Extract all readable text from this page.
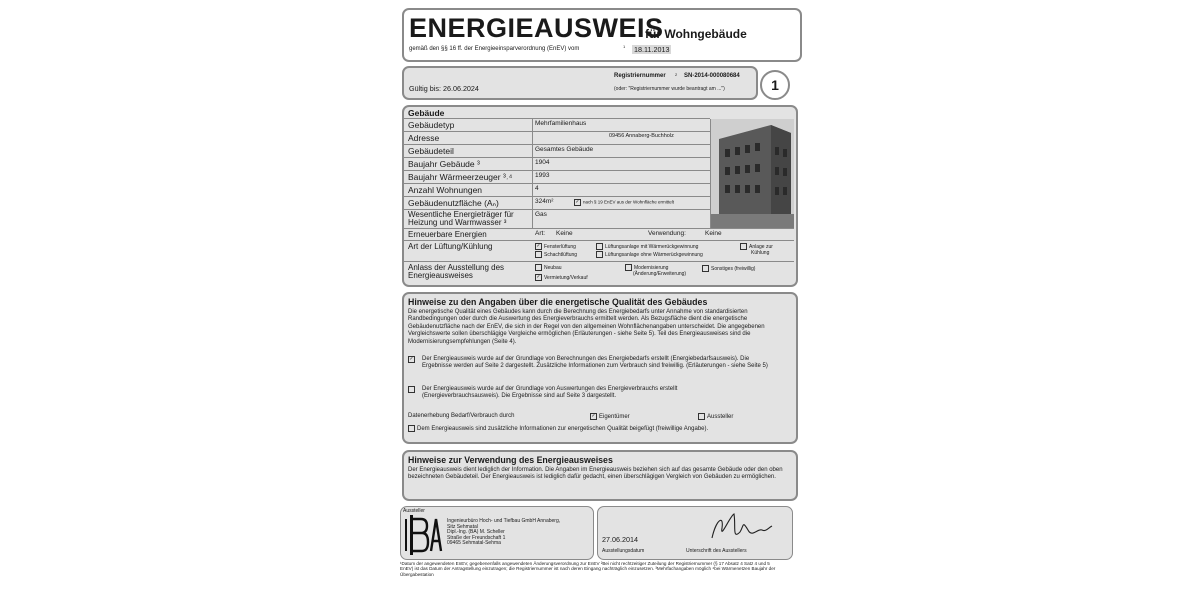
ENERGIEAUSWEIS
für Wohngebäude
gemäß den §§ 16 ff. der Energieeinsparverordnung (EnEV) vom	1 18.11.2013
Gültig bis: 26.06.2024
Registriernummer 2 SN-2014-000080684
(oder: "Registriernummer wurde beantragt am ...")	1
Gebäude
Gebäudetyp	Mehrfamilienhaus
Adresse	09456 Annaberg-Buchholz
Gebäudeteil	Gesamtes Gebäude
Baujahr Gebäude ³	1904
Baujahr Wärmeerzeuger ³˒⁴	1993
Anzahl Wohnungen	4
Gebäudenutzfläche (Aₙ)	324m²	✓ nach § 19 EnEV aus der Wohnfläche ermittelt
Wesentliche Energieträger für
Heizung und Warmwasser ³
Gas
Erneuerbare Energien	Art: Keine	Verwendung:	Keine
Art der Lüftung/Kühlung	✓ Fensterlüftung	Lüftungsanlage mit Wärmerückgewinnung	Anlage zur
Kühlung
Schachtlüftung	Lüftungsanlage ohne Wärmerückgewinnung
Anlass der Ausstellung des
Energieausweises
Neubau	Modernisierung
(Änderung/Erweiterung)
Sonstiges (freiwillig)
✓ Vermietung/Verkauf
Hinweise zu den Angaben über die energetische Qualität des Gebäudes
Die energetische Qualität eines Gebäudes kann durch die Berechnung des Energiebedarfs unter Annahme von standardisierten Randbedingungen oder durch die Auswertung des Energieverbrauchs ermittelt werden. Als Bezugsfläche dient die energetische Gebäudenutzfläche nach der EnEV, die sich in der Regel von den allgemeinen Wohnflächenangaben unterscheidet. Die angegebenen Vergleichswerte sollen überschlägige Vergleiche ermöglichen (Erläuterungen - siehe Seite 5). Teil des Energieausweises sind die Modernisierungsempfehlungen (Seite 4).
✓ Der Energieausweis wurde auf der Grundlage von Berechnungen des Energiebedarfs erstellt (Energiebedarfsausweis). Die Ergebnisse werden auf Seite 2 dargestellt. Zusätzliche Informationen zum Verbrauch sind freiwillig. (Erläuterungen - siehe Seite 5)
Der Energieausweis wurde auf der Grundlage von Auswertungen des Energieverbrauchs erstellt (Energieverbrauchsausweis). Die Ergebnisse sind auf Seite 3 dargestellt.
Datenerhebung Bedarf/Verbrauch durch	✓ Eigentümer	Aussteller
Dem Energieausweis sind zusätzliche Informationen zur energetischen Qualität beigefügt (freiwillige Angabe).
Hinweise zur Verwendung des Energieausweises
Der Energieausweis dient lediglich der Information. Die Angaben im Energieausweis beziehen sich auf das gesamte Gebäude oder den oben bezeichneten Gebäudeteil. Der Energieausweis ist lediglich dafür gedacht, einen überschlägigen Vergleich von Gebäuden zu ermöglichen.
Aussteller
Ingenieurbüro Hoch- und Tiefbau GmbH Annaberg,
Sitz Sehmatal
Dipl.-Ing. (BA) M. Scheller
Straße der Freundschaft 1
09465 Sehmatal-Sehma	27.06.2014
Ausstellungsdatum	Unterschrift des Ausstellers
¹Datum der angewendeten EnEV, gegebenenfalls angewendeten Änderungsverordnung zur EnEV ²Bei nicht rechtzeitiger Zuteilung der Registriernummer (§ 17 Absatz 4 Satz 4 und 5 EnEV) ist das Datum der Antragstellung einzutragen; die Registriernummer ist nach deren Eingang nachträglich einzusetzen. ³Mehrfachangaben möglich ⁴bei Wärmenetzen Baujahr der Übergabestation
